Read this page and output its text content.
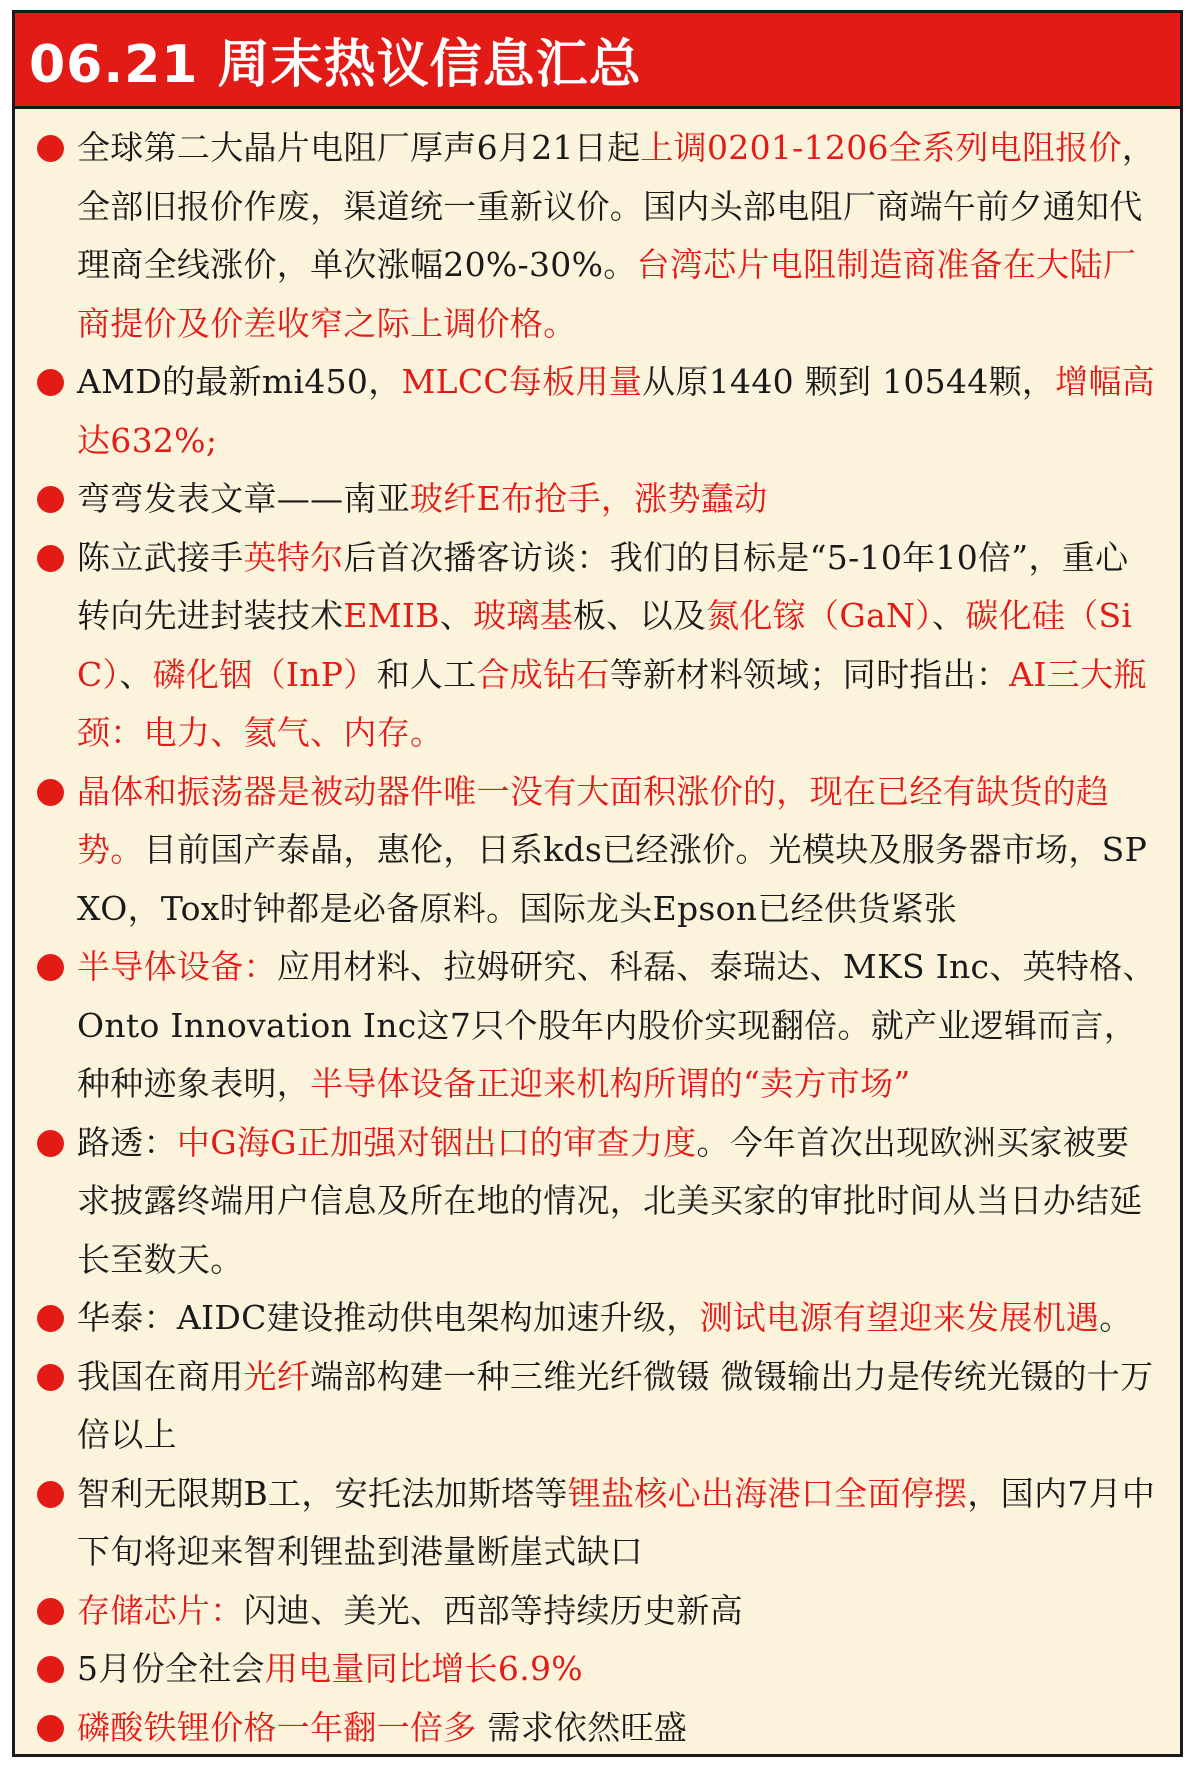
06.21 周末热议信息汇总
全球第二大晶片电阻厂厚声6月21日起上调0201-1206全系列电阻报价，全部旧报价作废，渠道统一重新议价。国内头部电阻厂商端午前夕通知代理商全线涨价，单次涨幅20%-30%。台湾芯片电阻制造商准备在大陆厂商提价及价差收窄之际上调价格。
AMD的最新mi450，MLCC每板用量从原1440 颗到 10544颗，增幅高达632%;
弯弯发表文章——南亚玻纤E布抢手，涨势蠢动
陈立武接手英特尔后首次播客访谈：我们的目标是“5-10年10倍”，重心转向先进封装技术EMIB、玻璃基板、以及氮化镓（GaN）、碳化硅（SiC）、磷化铟（InP）和人工合成钻石等新材料领域；同时指出：AI三大瓶颈：电力、氦气、内存。
晶体和振荡器是被动器件唯一没有大面积涨价的，现在已经有缺货的趋势。目前国产泰晶，惠伦，日系kds已经涨价。光模块及服务器市场，SPXO，Tox时钟都是必备原料。国际龙头Epson已经供货紧张
半导体设备：应用材料、拉姆研究、科磊、泰瑞达、MKS Inc、英特格、Onto Innovation Inc这7只个股年内股价实现翻倍。就产业逻辑而言，种种迹象表明，半导体设备正迎来机构所谓的“卖方市场”
路透：中G海G正加强对铟出口的审查力度。今年首次出现欧洲买家被要求披露终端用户信息及所在地的情况，北美买家的审批时间从当日办结延长至数天。
华泰：AIDC建设推动供电架构加速升级，测试电源有望迎来发展机遇。
我国在商用光纤端部构建一种三维光纤微镊 微镊输出力是传统光镊的十万倍以上
智利无限期B工，安托法加斯塔等锂盐核心出海港口全面停摆，国内7月中下旬将迎来智利锂盐到港量断崖式缺口
存储芯片：闪迪、美光、西部等持续历史新高
5月份全社会用电量同比增长6.9%
磷酸铁锂价格一年翻一倍多 需求依然旺盛
